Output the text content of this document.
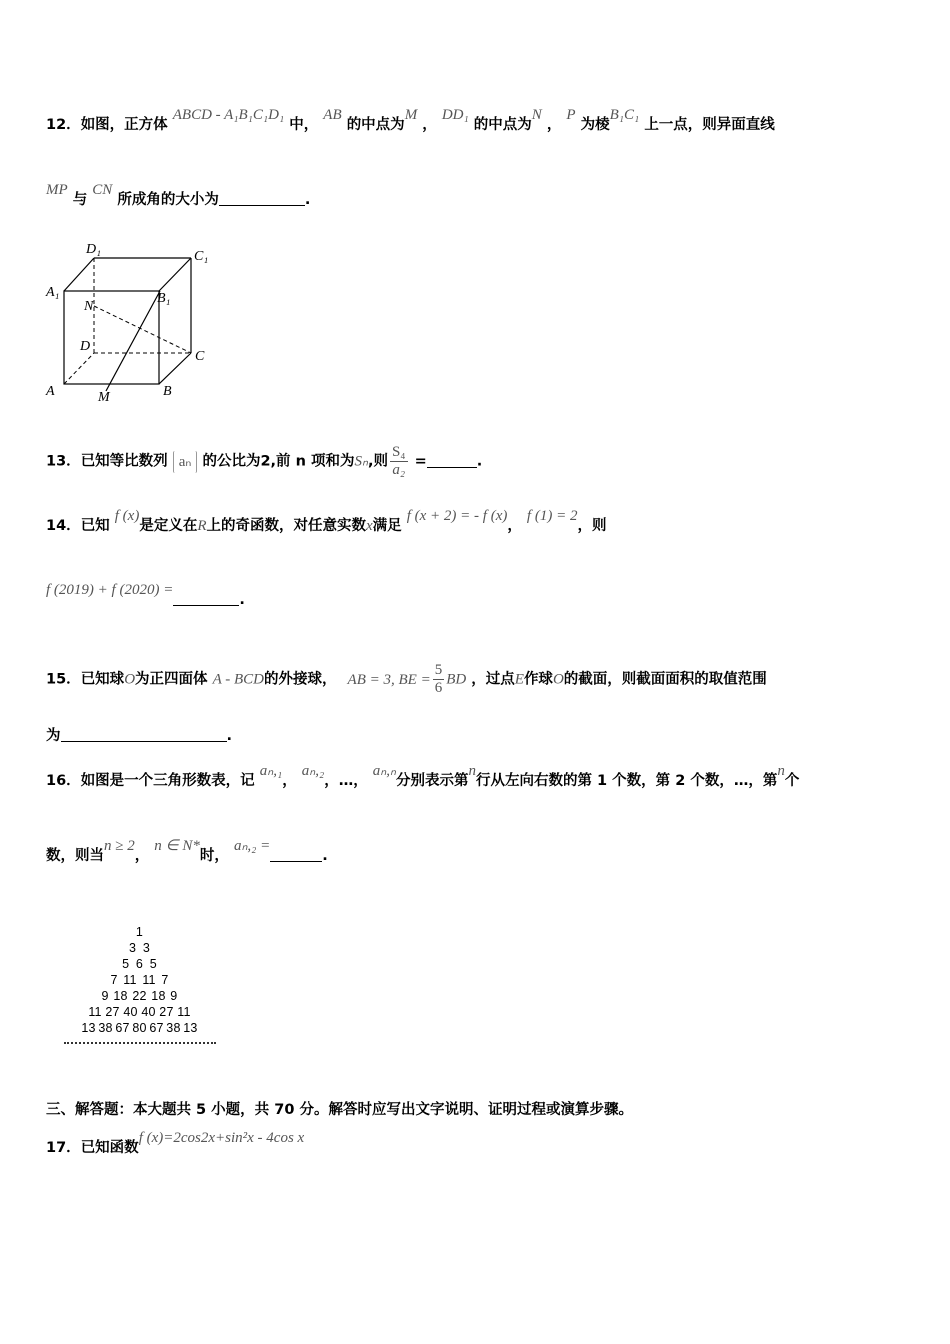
12．如图，正方体 ABCD - A₁B₁C₁D₁ 中， AB 的中点为M ， DD₁ 的中点为N ， P 为棱B₁C₁ 上一点，则异面直线
MP 与 CN 所成角的大小为	.
D₁	C₁
A₁	B₁
N
D
C
A	B
M
13．已知等比数列 aₙ 的公比为2,前 n 项和为Sₙ,则 $\frac{\text{S₄}}{\text{a₂}}$ =	.
14．已知 f (x)是定义在R上的奇函数，对任意实数x满足 f (x + 2) = - f (x)， f (1) = 2，则
f (2019) + f (2020) =.
15．已知球O为正四面体 A - BCD的外接球， AB = 3, BE = $\frac{5}{6}$ BD ，过点E作球O的截面，则截面面积的取值范围
为	.
16．如图是一个三角形数表，记 aₙ,₁， aₙ,₂，…， aₙ,ₙ分别表示第n行从左向右数的第 1 个数，第 2 个数，…，第n个
数，则当n ≥ 2， n ∈ N*时， aₙ,₂ =.
1
3 3
5 6 5
7 11 11 7
9 18 22 18 9
11 27 40 40 27 11
13 38 67 80 67 38 13
三、解答题：本大题共 5 小题，共 70 分。解答时应写出文字说明、证明过程或演算步骤。
17．已知函数f (x)=2cos2x+sin²x - 4cos x
